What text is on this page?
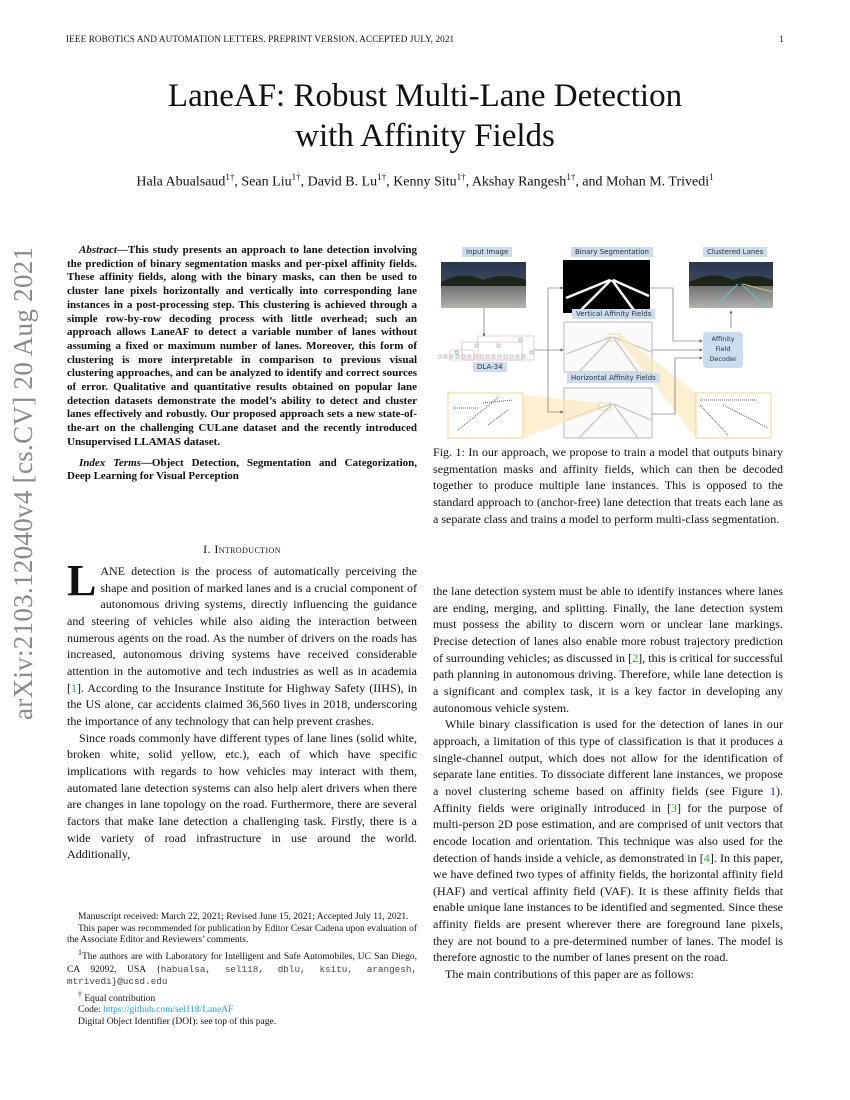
IEEE ROBOTICS AND AUTOMATION LETTERS. PREPRINT VERSION. ACCEPTED JULY, 2021	1
arXiv:2103.12040v4 [cs.CV] 20 Aug 2021
LaneAF: Robust Multi-Lane Detection
with Affinity Fields
Hala Abualsaud$^{1\dagger}$, Sean Liu$^{1\dagger}$, David B. $Lu^{1\dagger}$, Kenny Situ$^{1\dagger}$, Akshay Rangesh$^{1\dagger}$, and Mohan M. Trivedi$^1$

Abstract—This study presents an approach to lane detection involving the prediction of binary segmentation masks and per-pixel affinity fields. These affinity fields, along with the binary masks, can then be used to cluster lane pixels horizontally and vertically into corresponding lane instances in a post-processing step. This clustering is achieved through a simple row-by-row decoding process with little overhead; such an approach allows LaneAF to detect a variable number of lanes without assuming a fixed or maximum number of lanes. Moreover, this form of clustering is more interpretable in comparison to previous visual clustering approaches, and can be analyzed to identify and correct sources of error. Qualitative and quantitative results obtained on popular lane detection datasets demonstrate the model’s ability to detect and cluster lanes effectively and robustly. Our proposed approach sets a new state-of-the-art on the challenging CULane dataset and the recently introduced Unsupervised LLAMAS dataset.

Index Terms—Object Detection, Segmentation and Categorization, Deep Learning for Visual Perception

I. Introduction

LANE detection is the process of automatically perceiving the shape and position of marked lanes and is a crucial component of autonomous driving systems, directly influencing the guidance and steering of vehicles while also aiding the interaction between numerous agents on the road. As the number of drivers on the roads has increased, autonomous driving systems have received considerable attention in the automotive and tech industries as well as in academia [1]. According to the Insurance Institute for Highway Safety (IIHS), in the US alone, car accidents claimed 36,560 lives in 2018, underscoring the importance of any technology that can help prevent crashes.

Since roads commonly have different types of lane lines (solid white, broken white, solid yellow, etc.), each of which have specific implications with regards to how vehicles may interact with them, automated lane detection systems can also help alert drivers when there are changes in lane topology on the road. Furthermore, there are several factors that make lane detection a challenging task. Firstly, there is a wide variety of road infrastructure in use around the world. Additionally,

Manuscript received: March 22, 2021; Revised June 15, 2021; Accepted July 11, 2021.

This paper was recommended for publication by Editor Cesar Cadena upon evaluation of the Associate Editor and Reviewers’ comments.

$^1$The authors are with Laboratory for Intelligent and Safe Automobiles, UC San Diego, CA 92092, USA {habualsa, sel118, dblu, ksitu, arangesh, mtrivedi}@ucsd.edu

† Equal contribution

Code: https://github.com/sel118/LaneAF

Digital Object Identifier (DOI): see top of this page.

Input Image	Binary Segmentation	Clustered Lanes
Vertical Affinity Fields
Horizontal Affinity Fields
DLA-34
Affinity
Field
Decoder

Fig. 1: In our approach, we propose to train a model that outputs binary segmentation masks and affinity fields, which can then be decoded together to produce multiple lane instances. This is opposed to the standard approach to (anchor-free) lane detection that treats each lane as a separate class and trains a model to perform multi-class segmentation.

the lane detection system must be able to identify instances where lanes are ending, merging, and splitting. Finally, the lane detection system must possess the ability to discern worn or unclear lane markings. Precise detection of lanes also enable more robust trajectory prediction of surrounding vehicles; as discussed in [2], this is critical for successful path planning in autonomous driving. Therefore, while lane detection is a significant and complex task, it is a key factor in developing any autonomous vehicle system.

While binary classification is used for the detection of lanes in our approach, a limitation of this type of classification is that it produces a single-channel output, which does not allow for the identification of separate lane entities. To dissociate different lane instances, we propose a novel clustering scheme based on affinity fields (see Figure 1). Affinity fields were originally introduced in [3] for the purpose of multi-person 2D pose estimation, and are comprised of unit vectors that encode location and orientation. This technique was also used for the detection of hands inside a vehicle, as demonstrated in [4]. In this paper, we have defined two types of affinity fields, the horizontal affinity field (HAF) and vertical affinity field (VAF). It is these affinity fields that enable unique lane instances to be identified and segmented. Since these affinity fields are present wherever there are foreground lane pixels, they are not bound to a pre-determined number of lanes. The model is therefore agnostic to the number of lanes present on the road.

The main contributions of this paper are as follows:
